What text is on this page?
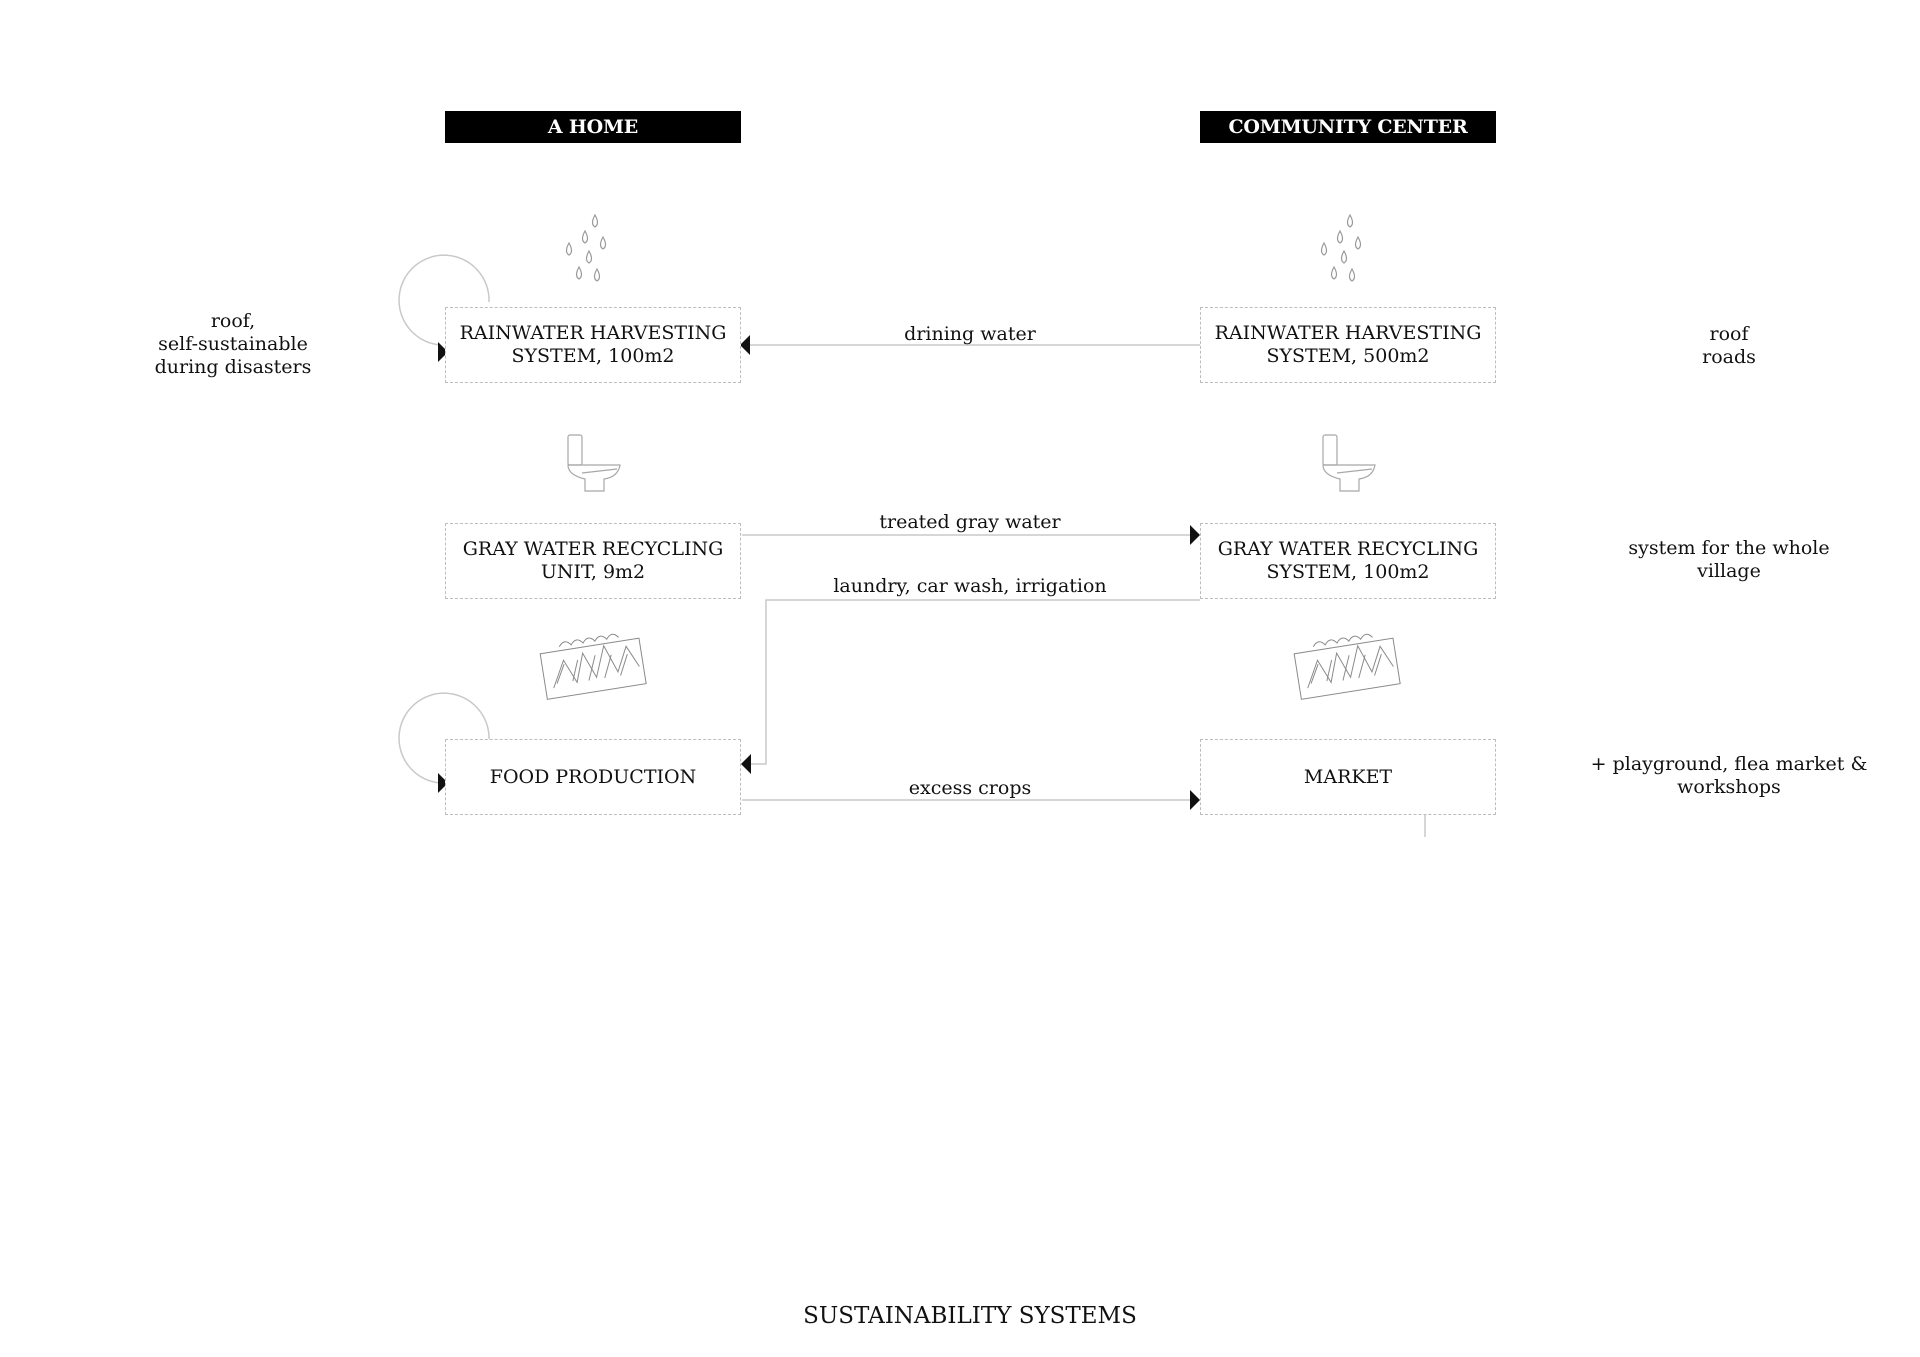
A HOME	COMMUNITY CENTER
RAINWATER HARVESTING
SYSTEM, 100m2
GRAY WATER RECYCLING
UNIT, 9m2
FOOD PRODUCTION
RAINWATER HARVESTING
SYSTEM, 500m2
GRAY WATER RECYCLING
SYSTEM, 100m2
MARKET
drining water
treated gray water
laundry, car wash, irrigation
excess crops
roof,
self-sustainable
during disasters
roof
roads
system for the whole
village
+ playground, flea market &
workshops
SUSTAINABILITY SYSTEMS
